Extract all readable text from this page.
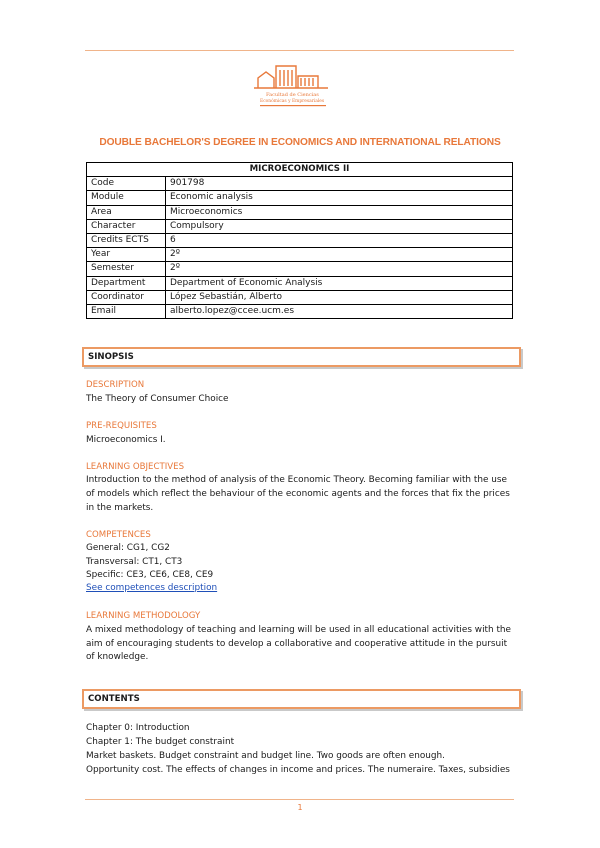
Facultad de Ciencias
Económicas y Empresariales
DOUBLE BACHELOR'S DEGREE IN ECONOMICS AND INTERNATIONAL RELATIONS
MICROECONOMICS II	
Code	901798
Module	Economic analysis
Area	Microeconomics
Character	Compulsory
Credits ECTS	6
Year	2º
Semester	2º
Department	Department of Economic Analysis
Coordinator	López Sebastián, Alberto
Email	alberto.lopez@ccee.ucm.es
SINOPSIS
DESCRIPTION
The Theory of Consumer Choice
PRE-REQUISITES
Microeconomics I.
LEARNING OBJECTIVES
Introduction to the method of analysis of the Economic Theory. Becoming familiar with the use
of models which reflect the behaviour of the economic agents and the forces that fix the prices
in the markets.
COMPETENCES
General: CG1, CG2
Transversal: CT1, CT3
Specific: CE3, CE6, CE8, CE9
See competences description
LEARNING METHODOLOGY
A mixed methodology of teaching and learning will be used in all educational activities with the
aim of encouraging students to develop a collaborative and cooperative attitude in the pursuit
of knowledge.
CONTENTS
Chapter 0: Introduction
Chapter 1: The budget constraint
Market baskets. Budget constraint and budget line. Two goods are often enough.
Opportunity cost. The effects of changes in income and prices. The numeraire. Taxes, subsidies
1
